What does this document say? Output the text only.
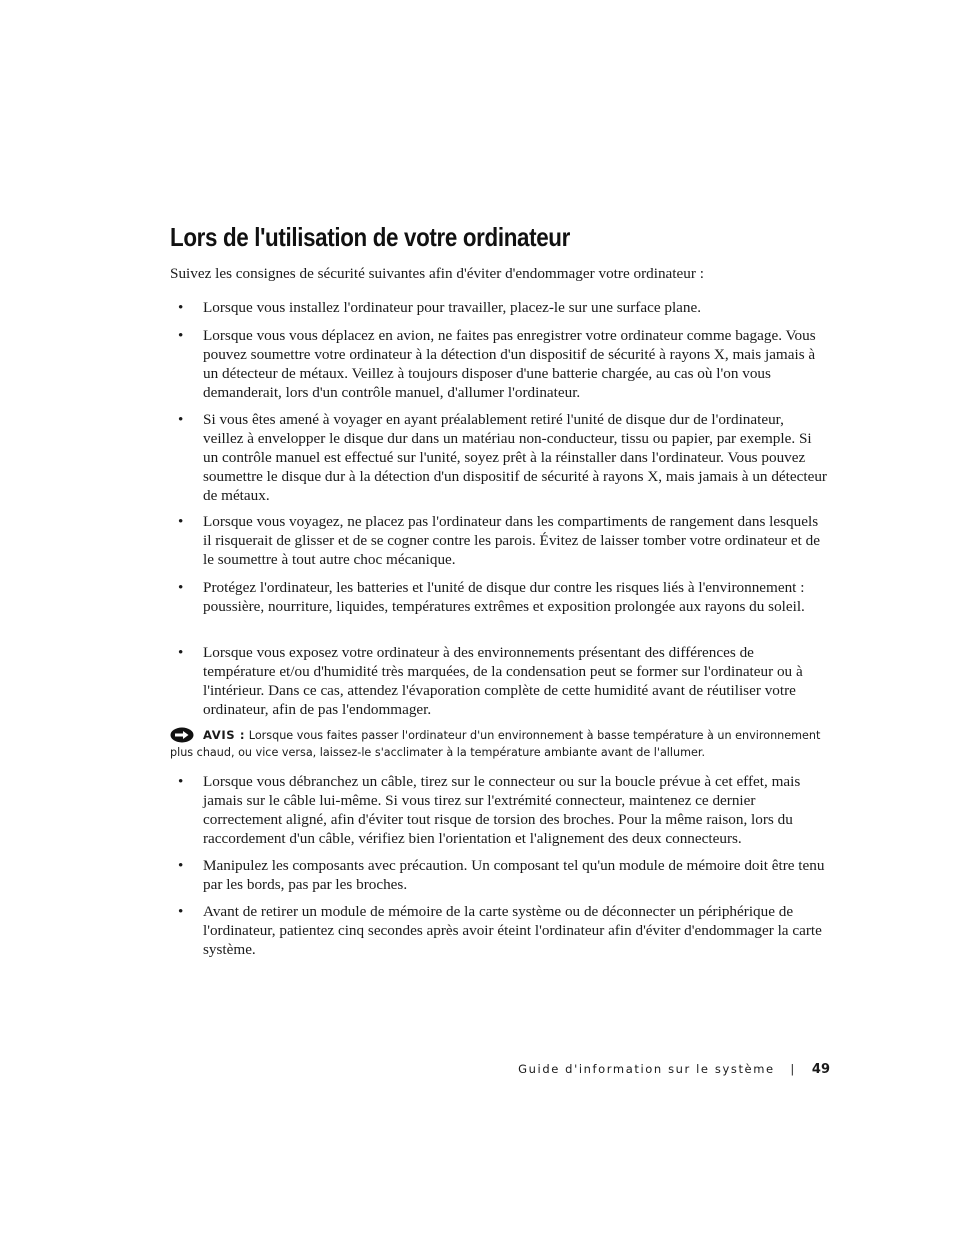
Lors de l'utilisation de votre ordinateur

Suivez les consignes de sécurité suivantes afin d'éviter d'endommager votre ordinateur :

• Lorsque vous installez l'ordinateur pour travailler, placez-le sur une surface plane.
• Lorsque vous vous déplacez en avion, ne faites pas enregistrer votre ordinateur comme bagage. Vous pouvez soumettre votre ordinateur à la détection d'un dispositif de sécurité à rayons X, mais jamais à un détecteur de métaux. Veillez à toujours disposer d'une batterie chargée, au cas où l'on vous demanderait, lors d'un contrôle manuel, d'allumer l'ordinateur.
• Si vous êtes amené à voyager en ayant préalablement retiré l'unité de disque dur de l'ordinateur, veillez à envelopper le disque dur dans un matériau non-conducteur, tissu ou papier, par exemple. Si un contrôle manuel est effectué sur l'unité, soyez prêt à la réinstaller dans l'ordinateur. Vous pouvez soumettre le disque dur à la détection d'un dispositif de sécurité à rayons X, mais jamais à un détecteur de métaux.
• Lorsque vous voyagez, ne placez pas l'ordinateur dans les compartiments de rangement dans lesquels il risquerait de glisser et de se cogner contre les parois. Évitez de laisser tomber votre ordinateur et de le soumettre à tout autre choc mécanique.
• Protégez l'ordinateur, les batteries et l'unité de disque dur contre les risques liés à l'environnement : poussière, nourriture, liquides, températures extrêmes et exposition prolongée aux rayons du soleil.
• Lorsque vous exposez votre ordinateur à des environnements présentant des différences de température et/ou d'humidité très marquées, de la condensation peut se former sur l'ordinateur ou à l'intérieur. Dans ce cas, attendez l'évaporation complète de cette humidité avant de réutiliser votre ordinateur, afin de pas l'endommager.
• Lorsque vous débranchez un câble, tirez sur le connecteur ou sur la boucle prévue à cet effet, mais jamais sur le câble lui-même. Si vous tirez sur l'extrémité connecteur, maintenez ce dernier correctement aligné, afin d'éviter tout risque de torsion des broches. Pour la même raison, lors du raccordement d'un câble, vérifiez bien l'orientation et l'alignement des deux connecteurs.
• Manipulez les composants avec précaution. Un composant tel qu'un module de mémoire doit être tenu par les bords, pas par les broches.
• Avant de retirer un module de mémoire de la carte système ou de déconnecter un périphérique de l'ordinateur, patientez cinq secondes après avoir éteint l'ordinateur afin d'éviter d'endommager la carte système.
AVIS : Lorsque vous faites passer l'ordinateur d'un environnement à basse température à un environnement plus chaud, ou vice versa, laissez-le s'acclimater à la température ambiante avant de l'allumer.
Guide d'information sur le système | 49
